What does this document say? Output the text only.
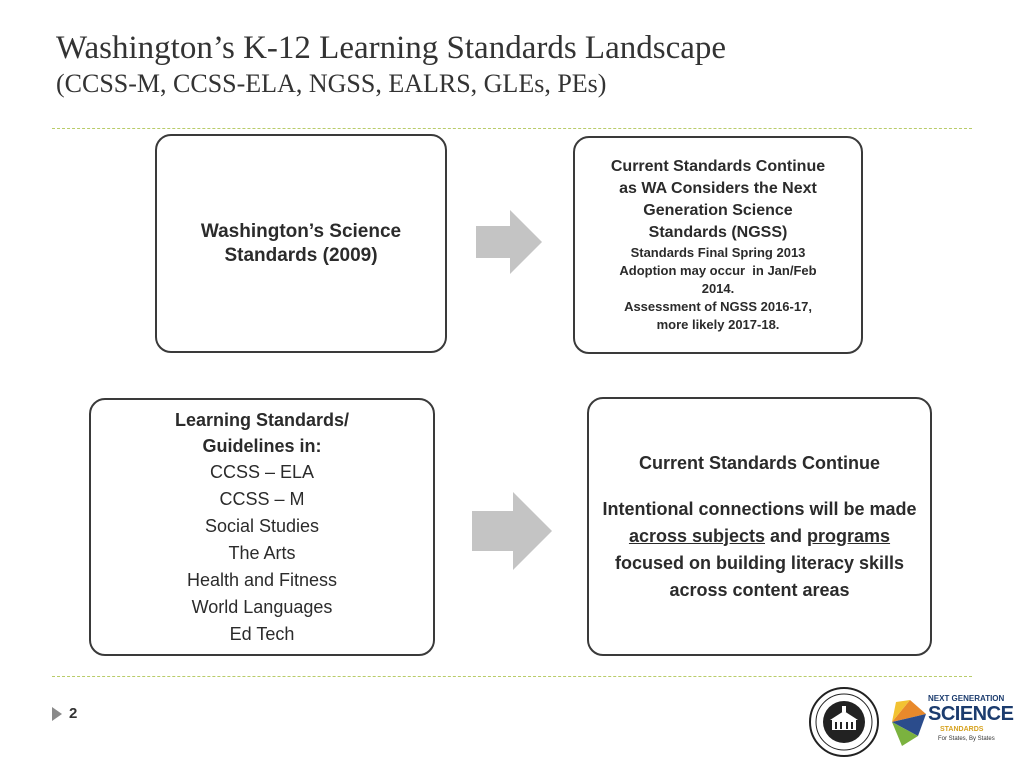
Washington’s K-12 Learning Standards Landscape
(CCSS-M, CCSS-ELA, NGSS, EALRS, GLEs, PEs)

Washington’s Science

Standards (2009)

Current Standards Continue

as WA Considers the Next

Generation Science

Standards (NGSS)

Standards Final Spring 2013

Adoption may occur  in Jan/Feb

2014.

Assessment of NGSS 2016-17,

more likely 2017-18.

Learning Standards/

Guidelines in:

CCSS – ELA

CCSS – M

Social Studies

The Arts

Health and Fitness

World Languages

Ed Tech

Current Standards Continue

Intentional connections will be made across subjects and programs focused on building literacy skills across content areas

2
NEXT GENERATION
SCIENCE
STANDARDS
For States, By States
